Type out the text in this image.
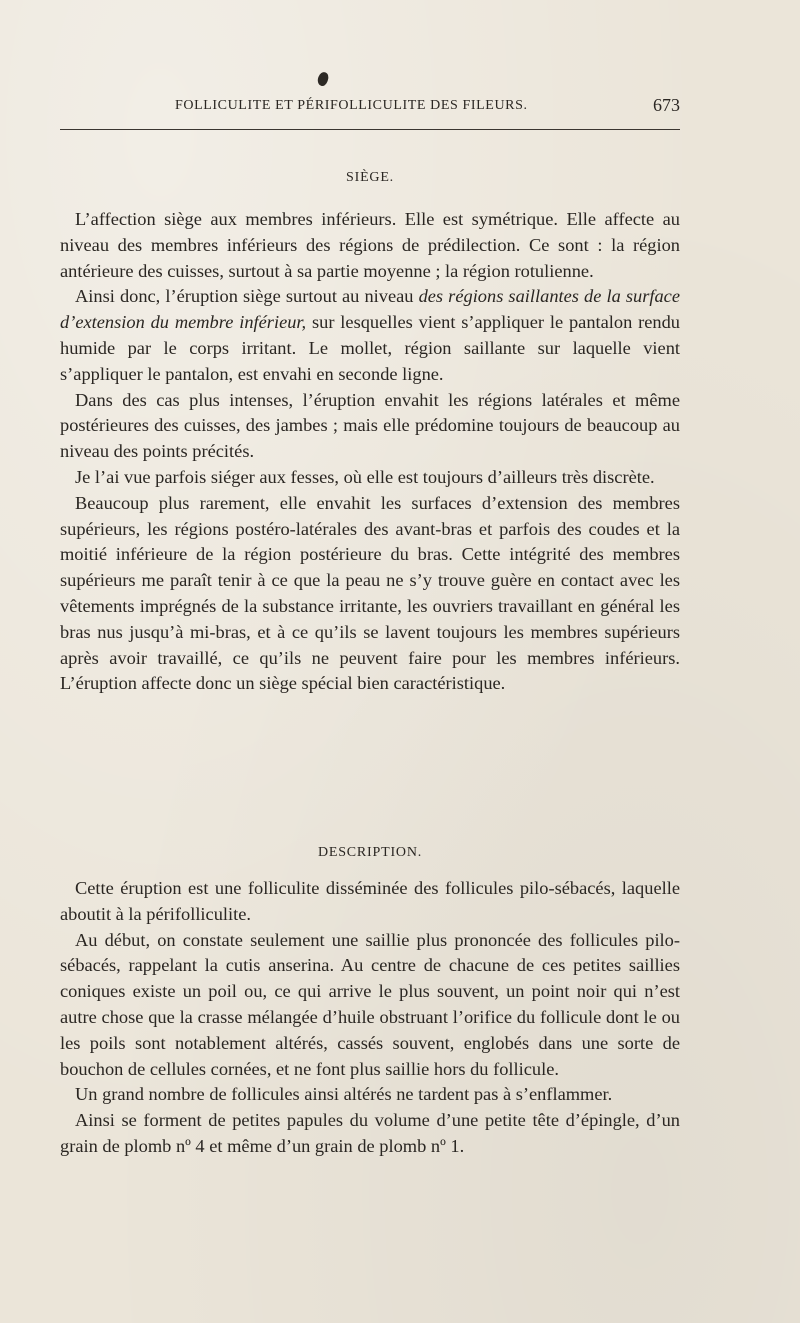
FOLLICULITE ET PÉRIFOLLICULITE DES FILEURS.	673
SIÈGE.

L’affection siège aux membres inférieurs. Elle est symétrique. Elle affecte au niveau des membres inférieurs des régions de prédilection. Ce sont : la région antérieure des cuisses, surtout à sa partie moyenne ; la région rotulienne.

Ainsi donc, l’éruption siège surtout au niveau des régions saillantes de la surface d’extension du membre inférieur, sur lesquelles vient s’appliquer le pantalon rendu humide par le corps irritant. Le mollet, région saillante sur laquelle vient s’appliquer le pantalon, est envahi en seconde ligne.

Dans des cas plus intenses, l’éruption envahit les régions latérales et même postérieures des cuisses, des jambes ; mais elle prédomine toujours de beaucoup au niveau des points précités.

Je l’ai vue parfois siéger aux fesses, où elle est toujours d’ailleurs très discrète.

Beaucoup plus rarement, elle envahit les surfaces d’extension des membres supérieurs, les régions postéro-latérales des avant-bras et parfois des coudes et la moitié inférieure de la région postérieure du bras. Cette intégrité des membres supérieurs me paraît tenir à ce que la peau ne s’y trouve guère en contact avec les vêtements imprégnés de la substance irritante, les ouvriers travaillant en général les bras nus jusqu’à mi-bras, et à ce qu’ils se lavent toujours les membres supérieurs après avoir travaillé, ce qu’ils ne peuvent faire pour les membres inférieurs. L’éruption affecte donc un siège spécial bien caractéristique.

DESCRIPTION.

Cette éruption est une folliculite disséminée des follicules pilo-sébacés, laquelle aboutit à la périfolliculite.

Au début, on constate seulement une saillie plus prononcée des follicules pilo-sébacés, rappelant la cutis anserina. Au centre de chacune de ces petites saillies coniques existe un poil ou, ce qui arrive le plus souvent, un point noir qui n’est autre chose que la crasse mélangée d’huile obstruant l’orifice du follicule dont le ou les poils sont notablement altérés, cassés souvent, englobés dans une sorte de bouchon de cellules cornées, et ne font plus saillie hors du follicule.

Un grand nombre de follicules ainsi altérés ne tardent pas à s’enflammer.

Ainsi se forment de petites papules du volume d’une petite tête d’épingle, d’un grain de plomb nº 4 et même d’un grain de plomb nº 1.
